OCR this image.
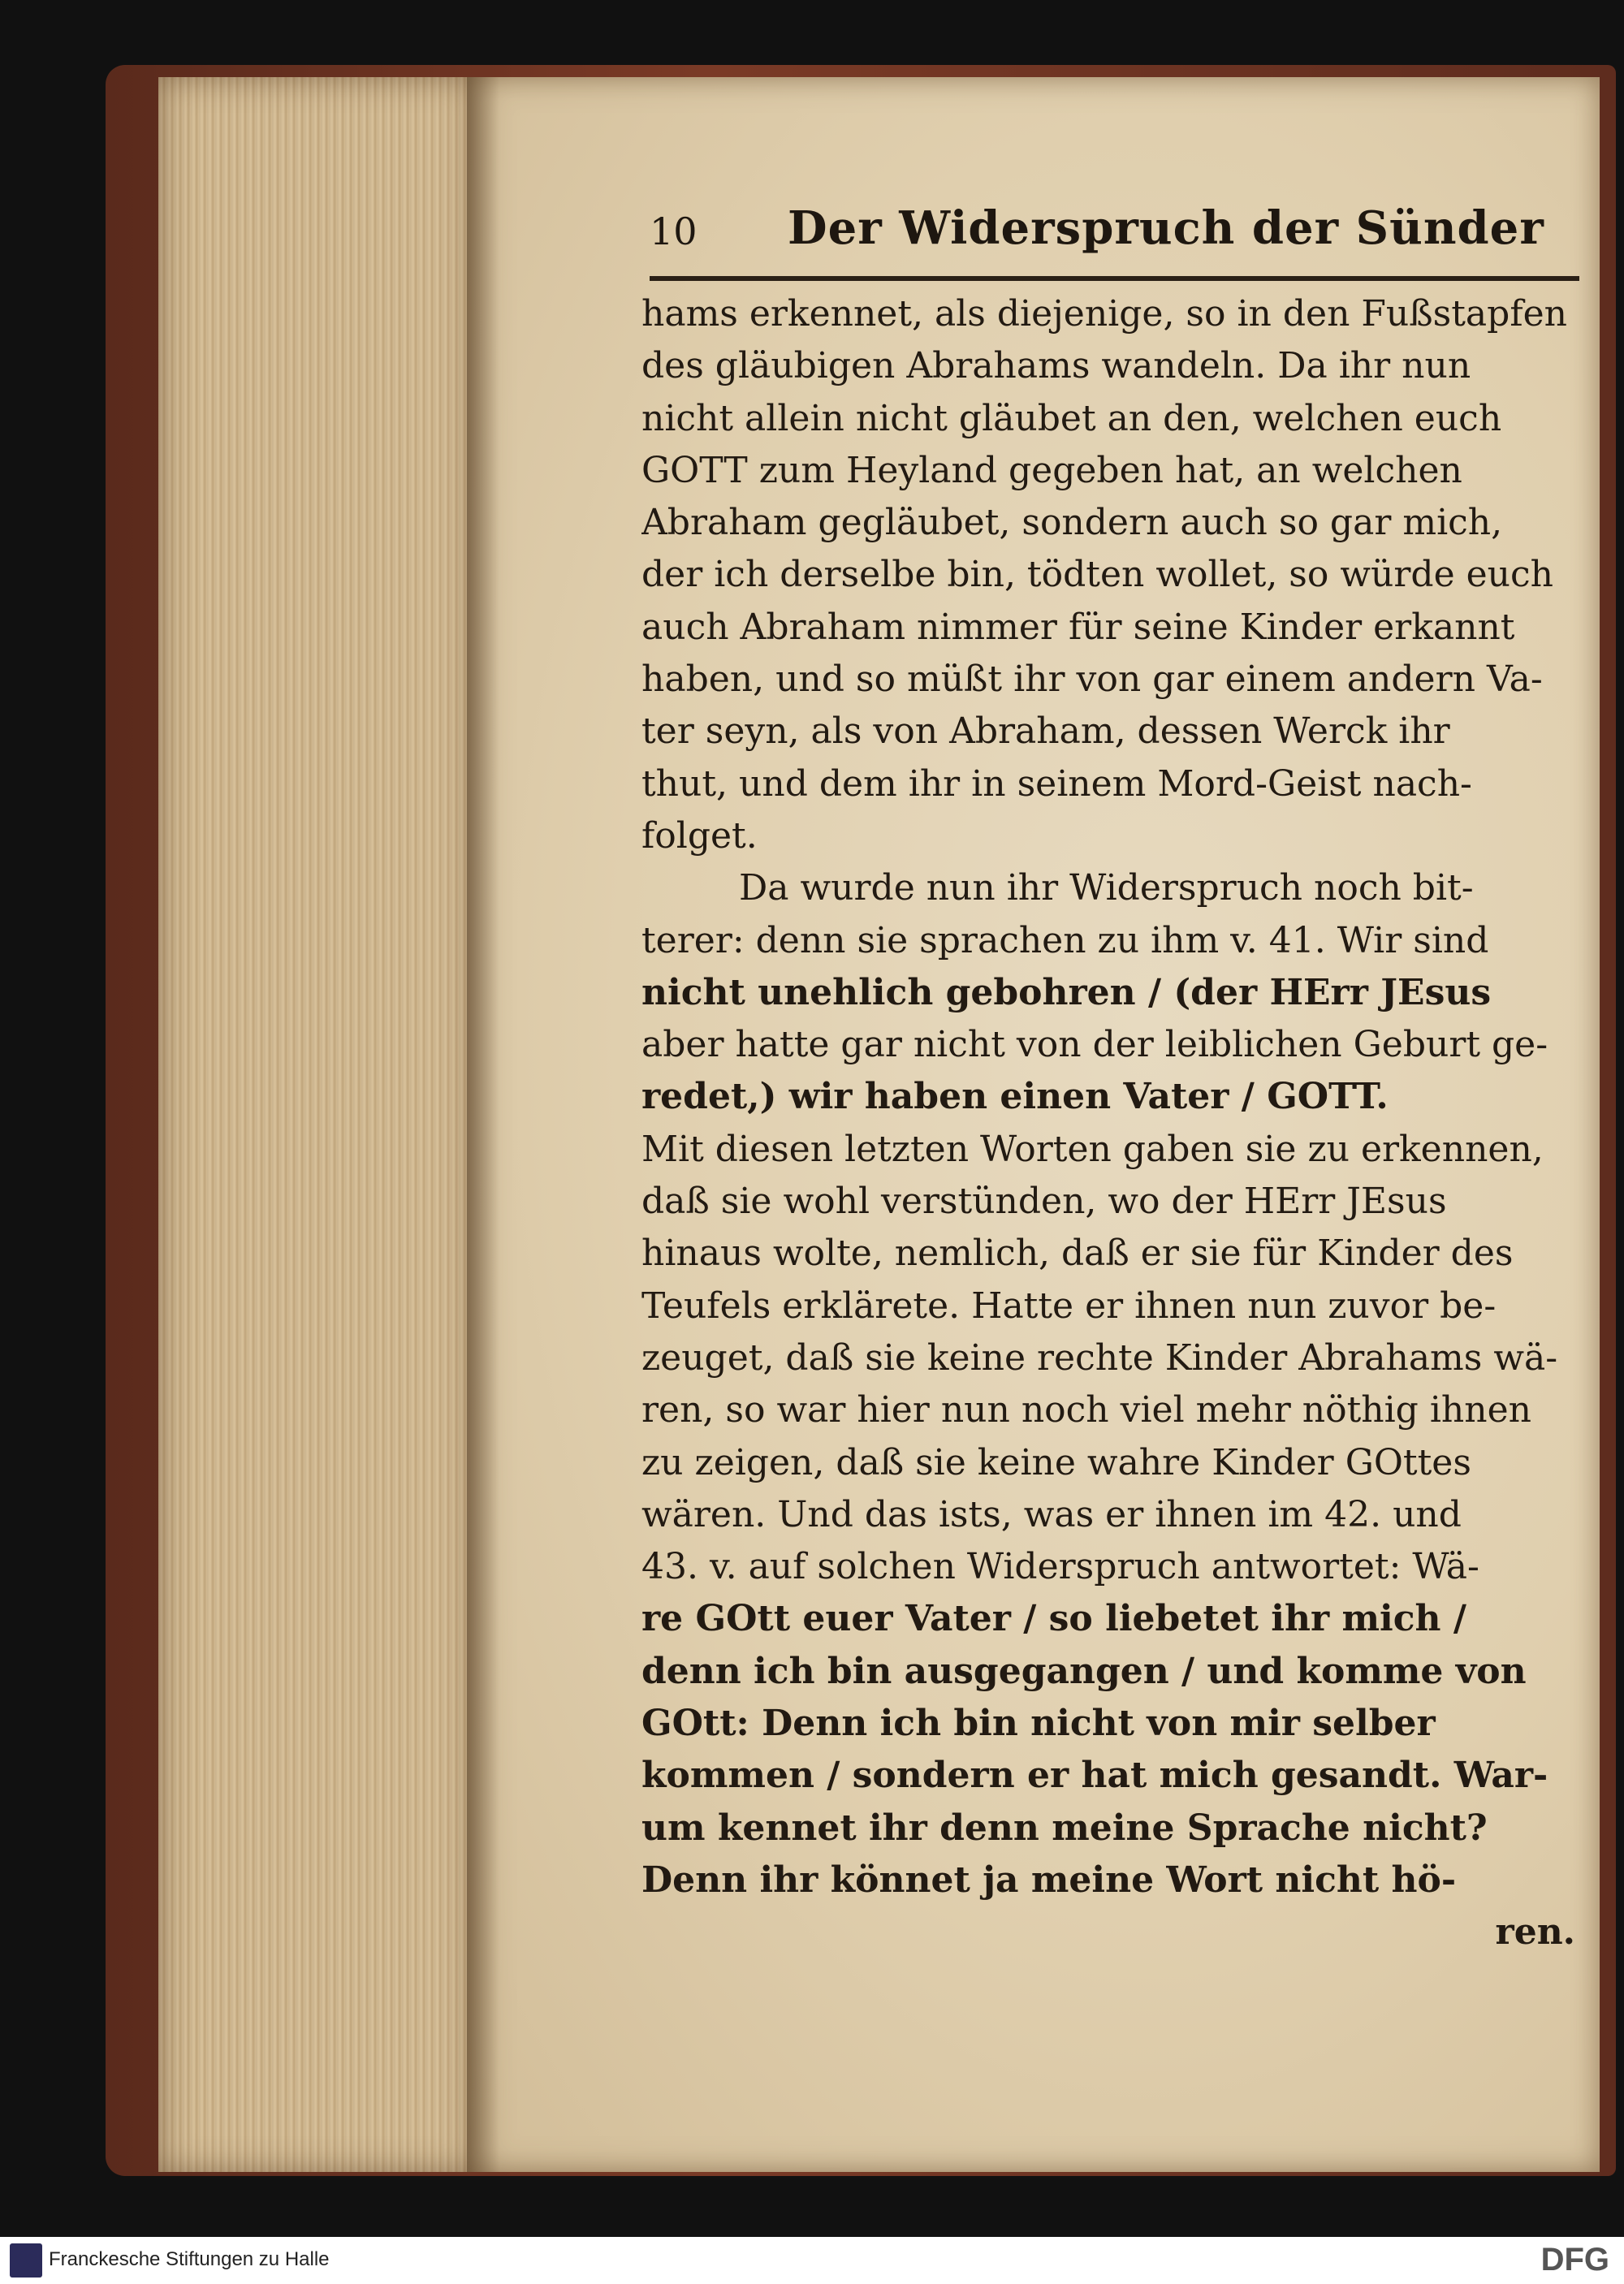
10 Der Widerspruch der Sünder
hams erkennet, als diejenige, so in den Fußstapfen
des gläubigen Abrahams wandeln. Da ihr nun
nicht allein nicht gläubet an den, welchen euch
GOTT zum Heyland gegeben hat, an welchen
Abraham gegläubet, sondern auch so gar mich,
der ich derselbe bin, tödten wollet, so würde euch
auch Abraham nimmer für seine Kinder erkannt
haben, und so müßt ihr von gar einem andern Va-
ter seyn, als von Abraham, dessen Werck ihr
thut, und dem ihr in seinem Mord-Geist nach-
folget.
Da wurde nun ihr Widerspruch noch bit-
terer: denn sie sprachen zu ihm v. 41. Wir sind
nicht unehlich gebohren / (der HErr JEsus
aber hatte gar nicht von der leiblichen Geburt ge-
redet,) wir haben einen Vater / GOTT.
Mit diesen letzten Worten gaben sie zu erkennen,
daß sie wohl verstünden, wo der HErr JEsus
hinaus wolte, nemlich, daß er sie für Kinder des
Teufels erklärete. Hatte er ihnen nun zuvor be-
zeuget, daß sie keine rechte Kinder Abrahams wä-
ren, so war hier nun noch viel mehr nöthig ihnen
zu zeigen, daß sie keine wahre Kinder GOttes
wären. Und das ists, was er ihnen im 42. und
43. v. auf solchen Widerspruch antwortet: Wä-
re GOtt euer Vater / so liebetet ihr mich /
denn ich bin ausgegangen / und komme von
GOtt: Denn ich bin nicht von mir selber
kommen / sondern er hat mich gesandt. War-
um kennet ihr denn meine Sprache nicht?
Denn ihr könnet ja meine Wort nicht hö-
ren.
Franckesche Stiftungen zu Halle	DFG
